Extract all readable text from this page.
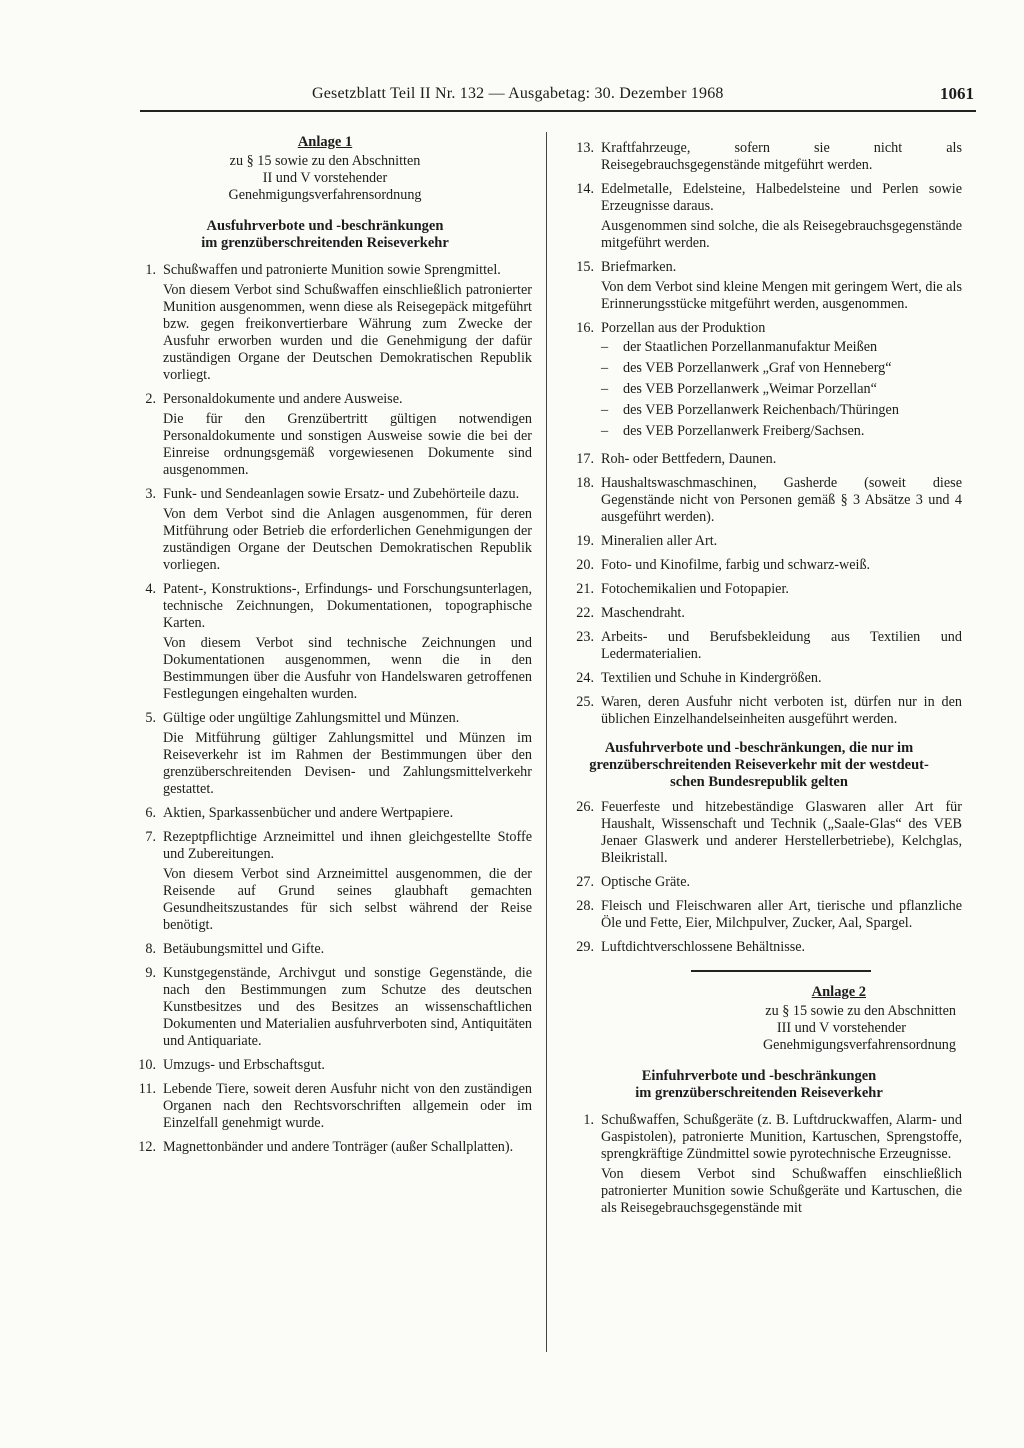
Gesetzblatt Teil II Nr. 132 — Ausgabetag: 30. Dezember 1968	1061
Anlage 1
zu § 15 sowie zu den Abschnitten
II und V vorstehender
Genehmigungsverfahrensordnung
Ausfuhrverbote und -beschränkungen
im grenzüberschreitenden Reiseverkehr
1. Schußwaffen und patronierte Munition sowie Sprengmittel.

Von diesem Verbot sind Schußwaffen einschließlich patronierter Munition ausgenommen, wenn diese als Reisegepäck mitgeführt bzw. gegen freikonvertierbare Währung zum Zwecke der Ausfuhr erworben wurden und die Genehmigung der dafür zuständigen Organe der Deutschen Demokratischen Republik vorliegt.

2. Personaldokumente und andere Ausweise.

Die für den Grenzübertritt gültigen notwendigen Personaldokumente und sonstigen Ausweise sowie die bei der Einreise ordnungsgemäß vorgewiesenen Dokumente sind ausgenommen.

3. Funk- und Sendeanlagen sowie Ersatz- und Zubehörteile dazu.

Von dem Verbot sind die Anlagen ausgenommen, für deren Mitführung oder Betrieb die erforderlichen Genehmigungen der zuständigen Organe der Deutschen Demokratischen Republik vorliegen.

4. Patent-, Konstruktions-, Erfindungs- und Forschungsunterlagen, technische Zeichnungen, Dokumentationen, topographische Karten.

Von diesem Verbot sind technische Zeichnungen und Dokumentationen ausgenommen, wenn die in den Bestimmungen über die Ausfuhr von Handelswaren getroffenen Festlegungen eingehalten wurden.

5. Gültige oder ungültige Zahlungsmittel und Münzen.

Die Mitführung gültiger Zahlungsmittel und Münzen im Reiseverkehr ist im Rahmen der Bestimmungen über den grenzüberschreitenden Devisen- und Zahlungsmittelverkehr gestattet.

6. Aktien, Sparkassenbücher und andere Wertpapiere.

7. Rezeptpflichtige Arzneimittel und ihnen gleichgestellte Stoffe und Zubereitungen.

Von diesem Verbot sind Arzneimittel ausgenommen, die der Reisende auf Grund seines glaubhaft gemachten Gesundheitszustandes für sich selbst während der Reise benötigt.

8. Betäubungsmittel und Gifte.

9. Kunstgegenstände, Archivgut und sonstige Gegenstände, die nach den Bestimmungen zum Schutze des deutschen Kunstbesitzes und des Besitzes an wissenschaftlichen Dokumenten und Materialien ausfuhrverboten sind, Antiquitäten und Antiquariate.

10. Umzugs- und Erbschaftsgut.

11. Lebende Tiere, soweit deren Ausfuhr nicht von den zuständigen Organen nach den Rechtsvorschriften allgemein oder im Einzelfall genehmigt wurde.

12. Magnettonbänder und andere Tonträger (außer Schallplatten).

13. Kraftfahrzeuge, sofern sie nicht als Reisegebrauchsgegenstände mitgeführt werden.

14. Edelmetalle, Edelsteine, Halbedelsteine und Perlen sowie Erzeugnisse daraus.

Ausgenommen sind solche, die als Reisegebrauchsgegenstände mitgeführt werden.

15. Briefmarken.

Von dem Verbot sind kleine Mengen mit geringem Wert, die als Erinnerungsstücke mitgeführt werden, ausgenommen.

16. Porzellan aus der Produktion

–	der Staatlichen Porzellanmanufaktur Meißen
–	des VEB Porzellanwerk „Graf von Henneberg“
–	des VEB Porzellanwerk „Weimar Porzellan“
–	des VEB Porzellanwerk Reichenbach/Thüringen
–	des VEB Porzellanwerk Freiberg/Sachsen.
17. Roh- oder Bettfedern, Daunen.

18. Haushaltswaschmaschinen, Gasherde (soweit diese Gegenstände nicht von Personen gemäß § 3 Absätze 3 und 4 ausgeführt werden).

19. Mineralien aller Art.

20. Foto- und Kinofilme, farbig und schwarz-weiß.

21. Fotochemikalien und Fotopapier.

22. Maschendraht.

23. Arbeits- und Berufsbekleidung aus Textilien und Ledermaterialien.

24. Textilien und Schuhe in Kindergrößen.

25. Waren, deren Ausfuhr nicht verboten ist, dürfen nur in den üblichen Einzelhandelseinheiten ausgeführt werden.

Ausfuhrverbote und -beschränkungen, die nur im
grenzüberschreitenden Reiseverkehr mit der westdeut-
schen Bundesrepublik gelten
26. Feuerfeste und hitzebeständige Glaswaren aller Art für Haushalt, Wissenschaft und Technik („Saale-Glas“ des VEB Jenaer Glaswerk und anderer Herstellerbetriebe), Kelchglas, Bleikristall.

27. Optische Gräte.

28. Fleisch und Fleischwaren aller Art, tierische und pflanzliche Öle und Fette, Eier, Milchpulver, Zucker, Aal, Spargel.

29. Luftdichtverschlossene Behältnisse.

Anlage 2
zu § 15 sowie zu den Abschnitten
III und V vorstehender
Genehmigungsverfahrensordnung
Einfuhrverbote und -beschränkungen
im grenzüberschreitenden Reiseverkehr
1. Schußwaffen, Schußgeräte (z. B. Luftdruckwaffen, Alarm- und Gaspistolen), patronierte Munition, Kartuschen, Sprengstoffe, sprengkräftige Zündmittel sowie pyrotechnische Erzeugnisse.

Von diesem Verbot sind Schußwaffen einschließlich patronierter Munition sowie Schußgeräte und Kartuschen, die als Reisegebrauchsgegenstände mit
